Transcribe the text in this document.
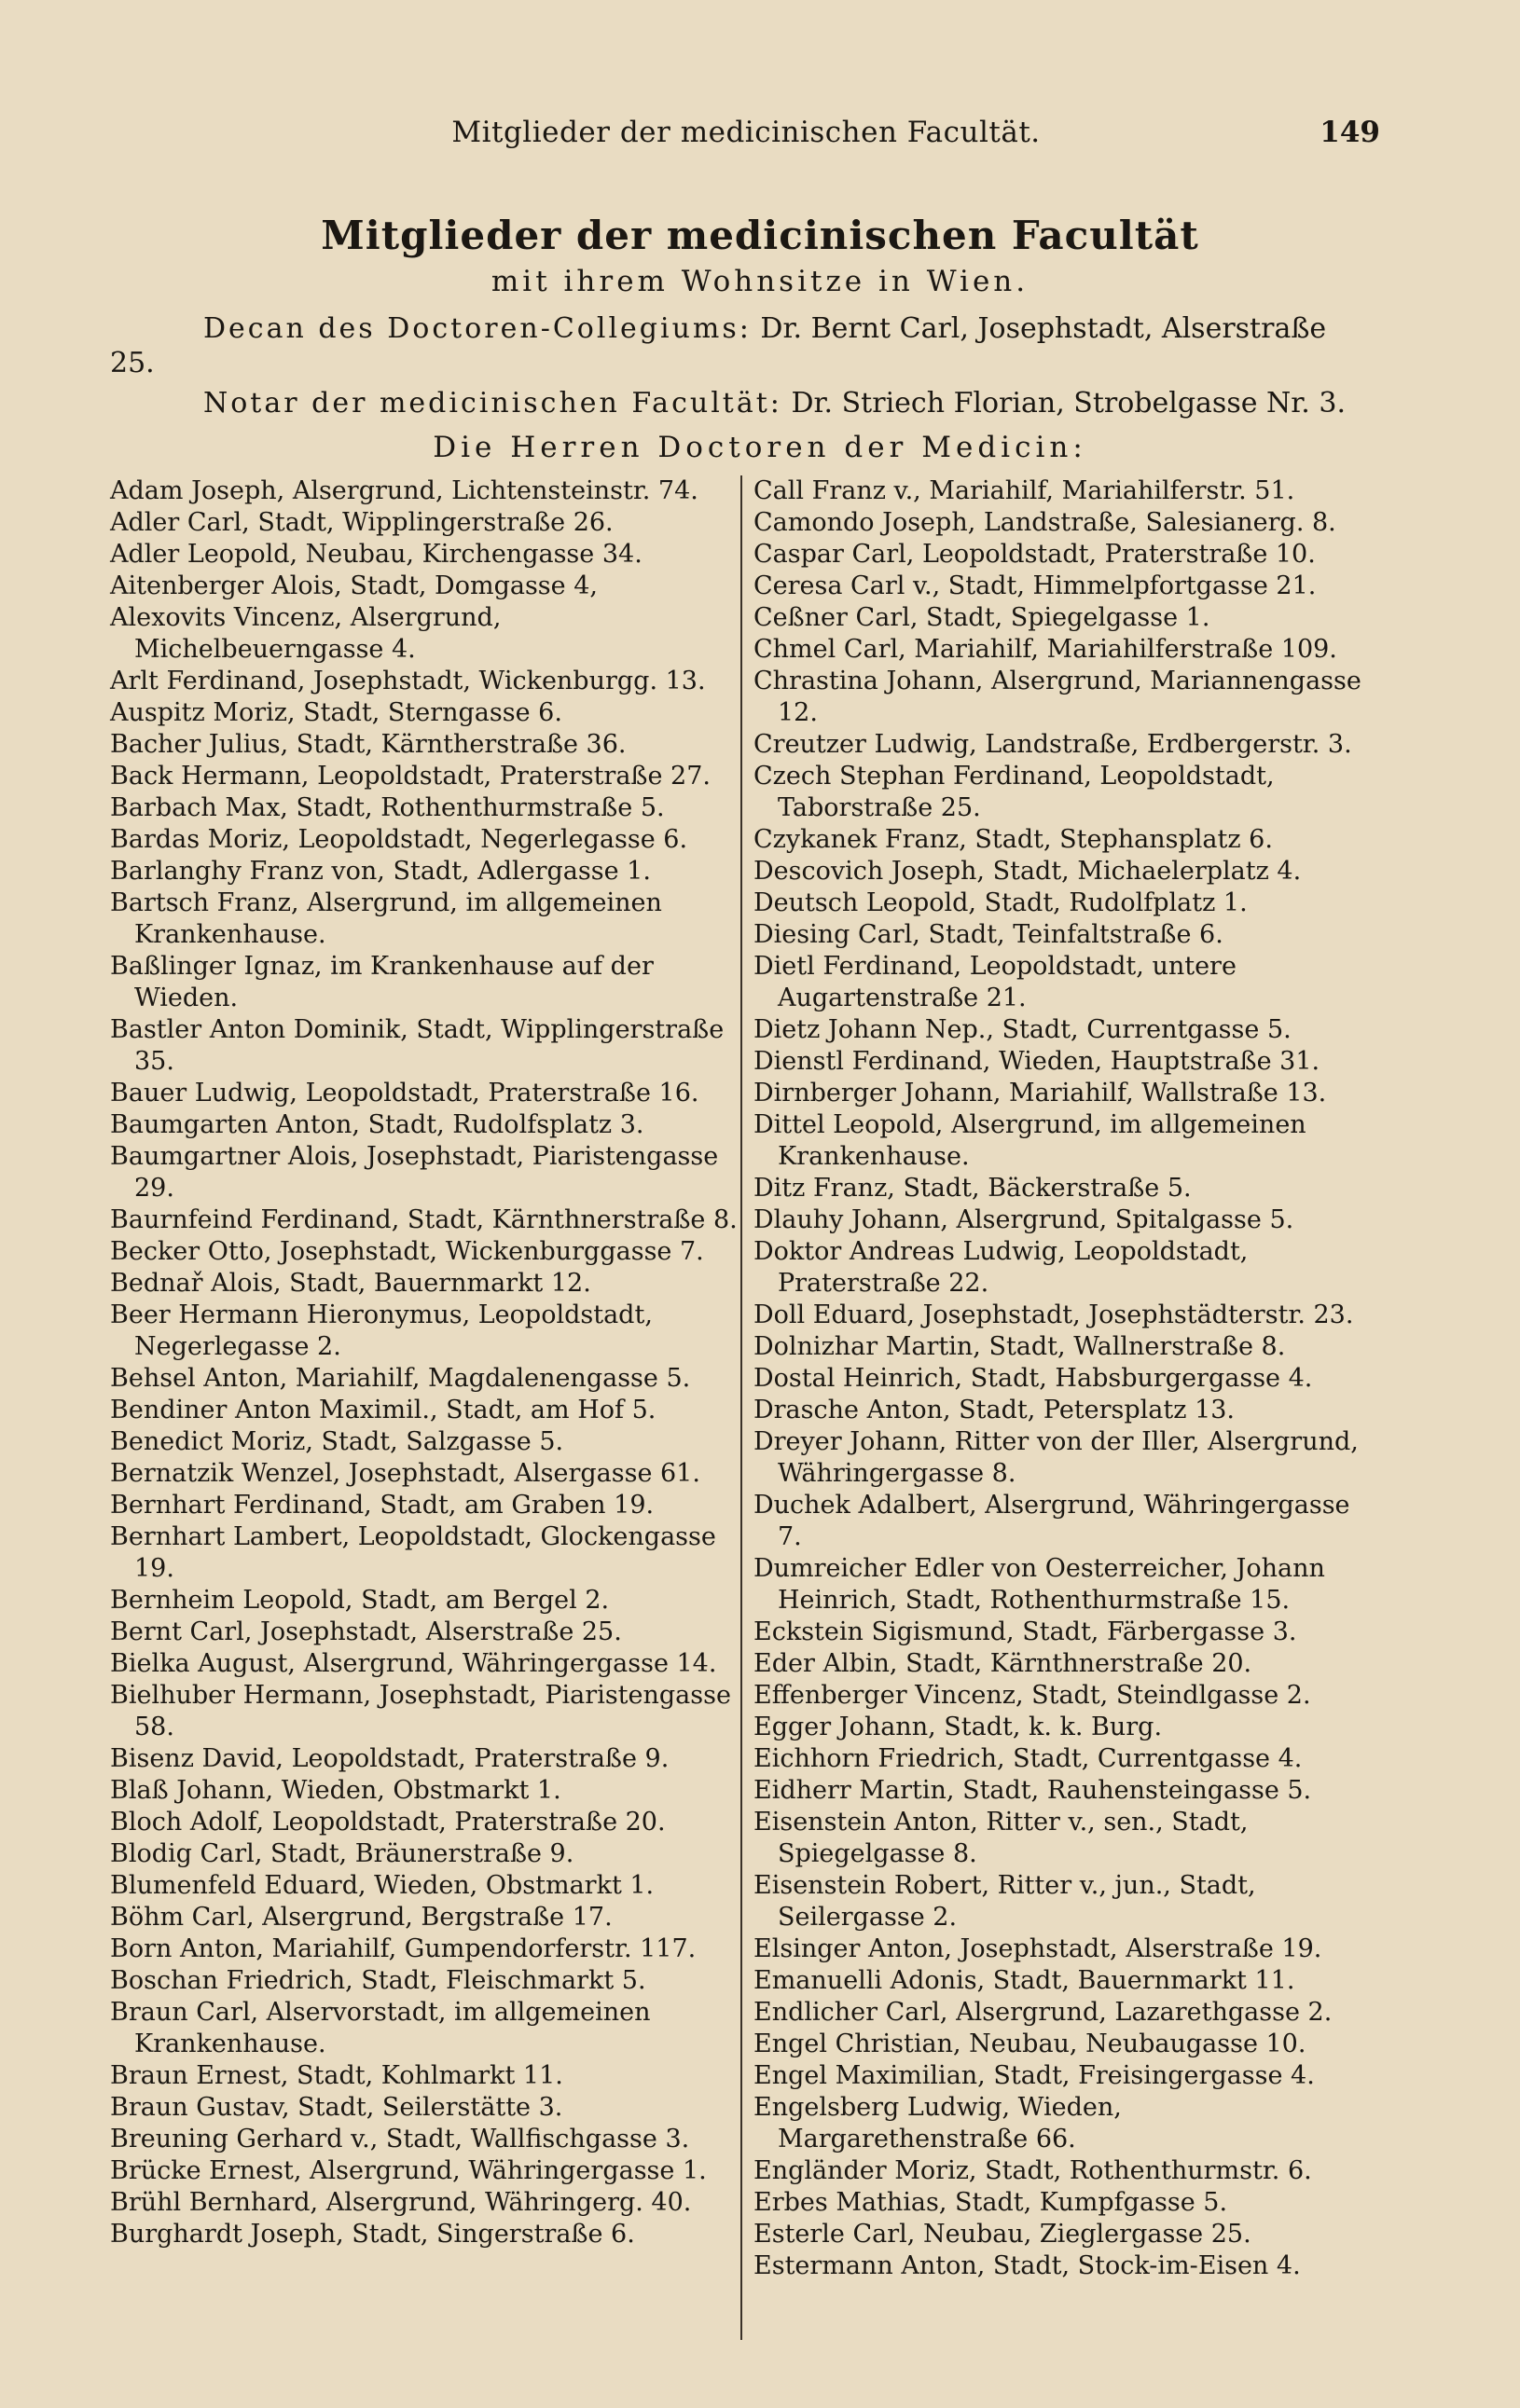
Mitglieder der medicinischen Facultät.	149
Mitglieder der medicinischen Facultät
mit ihrem Wohnsitze in Wien.
Decan des Doctoren-Collegiums: Dr. Bernt Carl, Josephstadt, Alserstraße 25.
Notar der medicinischen Facultät: Dr. Striech Florian, Strobelgasse Nr. 3.
Die Herren Doctoren der Medicin:
Adam Joseph, Alsergrund, Lichtensteinstr. 74.
Adler Carl, Stadt, Wipplingerstraße 26.
Adler Leopold, Neubau, Kirchengasse 34.
Aitenberger Alois, Stadt, Domgasse 4,
Alexovits Vincenz, Alsergrund, Michelbeuerngasse 4.
Arlt Ferdinand, Josephstadt, Wickenburgg. 13.
Auspitz Moriz, Stadt, Sterngasse 6.
Bacher Julius, Stadt, Kärntherstraße 36.
Back Hermann, Leopoldstadt, Praterstraße 27.
Barbach Max, Stadt, Rothenthurmstraße 5.
Bardas Moriz, Leopoldstadt, Negerlegasse 6.
Barlanghy Franz von, Stadt, Adlergasse 1.
Bartsch Franz, Alsergrund, im allgemeinen Krankenhause.
Baßlinger Ignaz, im Krankenhause auf der Wieden.
Bastler Anton Dominik, Stadt, Wipplingerstraße 35.
Bauer Ludwig, Leopoldstadt, Praterstraße 16.
Baumgarten Anton, Stadt, Rudolfsplatz 3.
Baumgartner Alois, Josephstadt, Piaristengasse 29.
Baurnfeind Ferdinand, Stadt, Kärnthnerstraße 8.
Becker Otto, Josephstadt, Wickenburggasse 7.
Bednař Alois, Stadt, Bauernmarkt 12.
Beer Hermann Hieronymus, Leopoldstadt, Negerlegasse 2.
Behsel Anton, Mariahilf, Magdalenengasse 5.
Bendiner Anton Maximil., Stadt, am Hof 5.
Benedict Moriz, Stadt, Salzgasse 5.
Bernatzik Wenzel, Josephstadt, Alsergasse 61.
Bernhart Ferdinand, Stadt, am Graben 19.
Bernhart Lambert, Leopoldstadt, Glockengasse 19.
Bernheim Leopold, Stadt, am Bergel 2.
Bernt Carl, Josephstadt, Alserstraße 25.
Bielka August, Alsergrund, Währingergasse 14.
Bielhuber Hermann, Josephstadt, Piaristengasse 58.
Bisenz David, Leopoldstadt, Praterstraße 9.
Blaß Johann, Wieden, Obstmarkt 1.
Bloch Adolf, Leopoldstadt, Praterstraße 20.
Blodig Carl, Stadt, Bräunerstraße 9.
Blumenfeld Eduard, Wieden, Obstmarkt 1.
Böhm Carl, Alsergrund, Bergstraße 17.
Born Anton, Mariahilf, Gumpendorferstr. 117.
Boschan Friedrich, Stadt, Fleischmarkt 5.
Braun Carl, Alservorstadt, im allgemeinen Krankenhause.
Braun Ernest, Stadt, Kohlmarkt 11.
Braun Gustav, Stadt, Seilerstätte 3.
Breuning Gerhard v., Stadt, Wallfischgasse 3.
Brücke Ernest, Alsergrund, Währingergasse 1.
Brühl Bernhard, Alsergrund, Währingerg. 40.
Burghardt Joseph, Stadt, Singerstraße 6.
Call Franz v., Mariahilf, Mariahilferstr. 51.
Camondo Joseph, Landstraße, Salesianerg. 8.
Caspar Carl, Leopoldstadt, Praterstraße 10.
Ceresa Carl v., Stadt, Himmelpfortgasse 21.
Ceßner Carl, Stadt, Spiegelgasse 1.
Chmel Carl, Mariahilf, Mariahilferstraße 109.
Chrastina Johann, Alsergrund, Mariannengasse 12.
Creutzer Ludwig, Landstraße, Erdbergerstr. 3.
Czech Stephan Ferdinand, Leopoldstadt, Taborstraße 25.
Czykanek Franz, Stadt, Stephansplatz 6.
Descovich Joseph, Stadt, Michaelerplatz 4.
Deutsch Leopold, Stadt, Rudolfplatz 1.
Diesing Carl, Stadt, Teinfaltstraße 6.
Dietl Ferdinand, Leopoldstadt, untere Augartenstraße 21.
Dietz Johann Nep., Stadt, Currentgasse 5.
Dienstl Ferdinand, Wieden, Hauptstraße 31.
Dirnberger Johann, Mariahilf, Wallstraße 13.
Dittel Leopold, Alsergrund, im allgemeinen Krankenhause.
Ditz Franz, Stadt, Bäckerstraße 5.
Dlauhy Johann, Alsergrund, Spitalgasse 5.
Doktor Andreas Ludwig, Leopoldstadt, Praterstraße 22.
Doll Eduard, Josephstadt, Josephstädterstr. 23.
Dolnizhar Martin, Stadt, Wallnerstraße 8.
Dostal Heinrich, Stadt, Habsburgergasse 4.
Drasche Anton, Stadt, Petersplatz 13.
Dreyer Johann, Ritter von der Iller, Alsergrund, Währingergasse 8.
Duchek Adalbert, Alsergrund, Währingergasse 7.
Dumreicher Edler von Oesterreicher, Johann Heinrich, Stadt, Rothenthurmstraße 15.
Eckstein Sigismund, Stadt, Färbergasse 3.
Eder Albin, Stadt, Kärnthnerstraße 20.
Effenberger Vincenz, Stadt, Steindlgasse 2.
Egger Johann, Stadt, k. k. Burg.
Eichhorn Friedrich, Stadt, Currentgasse 4.
Eidherr Martin, Stadt, Rauhensteingasse 5.
Eisenstein Anton, Ritter v., sen., Stadt, Spiegelgasse 8.
Eisenstein Robert, Ritter v., jun., Stadt, Seilergasse 2.
Elsinger Anton, Josephstadt, Alserstraße 19.
Emanuelli Adonis, Stadt, Bauernmarkt 11.
Endlicher Carl, Alsergrund, Lazarethgasse 2.
Engel Christian, Neubau, Neubaugasse 10.
Engel Maximilian, Stadt, Freisingergasse 4.
Engelsberg Ludwig, Wieden, Margarethenstraße 66.
Engländer Moriz, Stadt, Rothenthurmstr. 6.
Erbes Mathias, Stadt, Kumpfgasse 5.
Esterle Carl, Neubau, Zieglergasse 25.
Estermann Anton, Stadt, Stock-im-Eisen 4.
